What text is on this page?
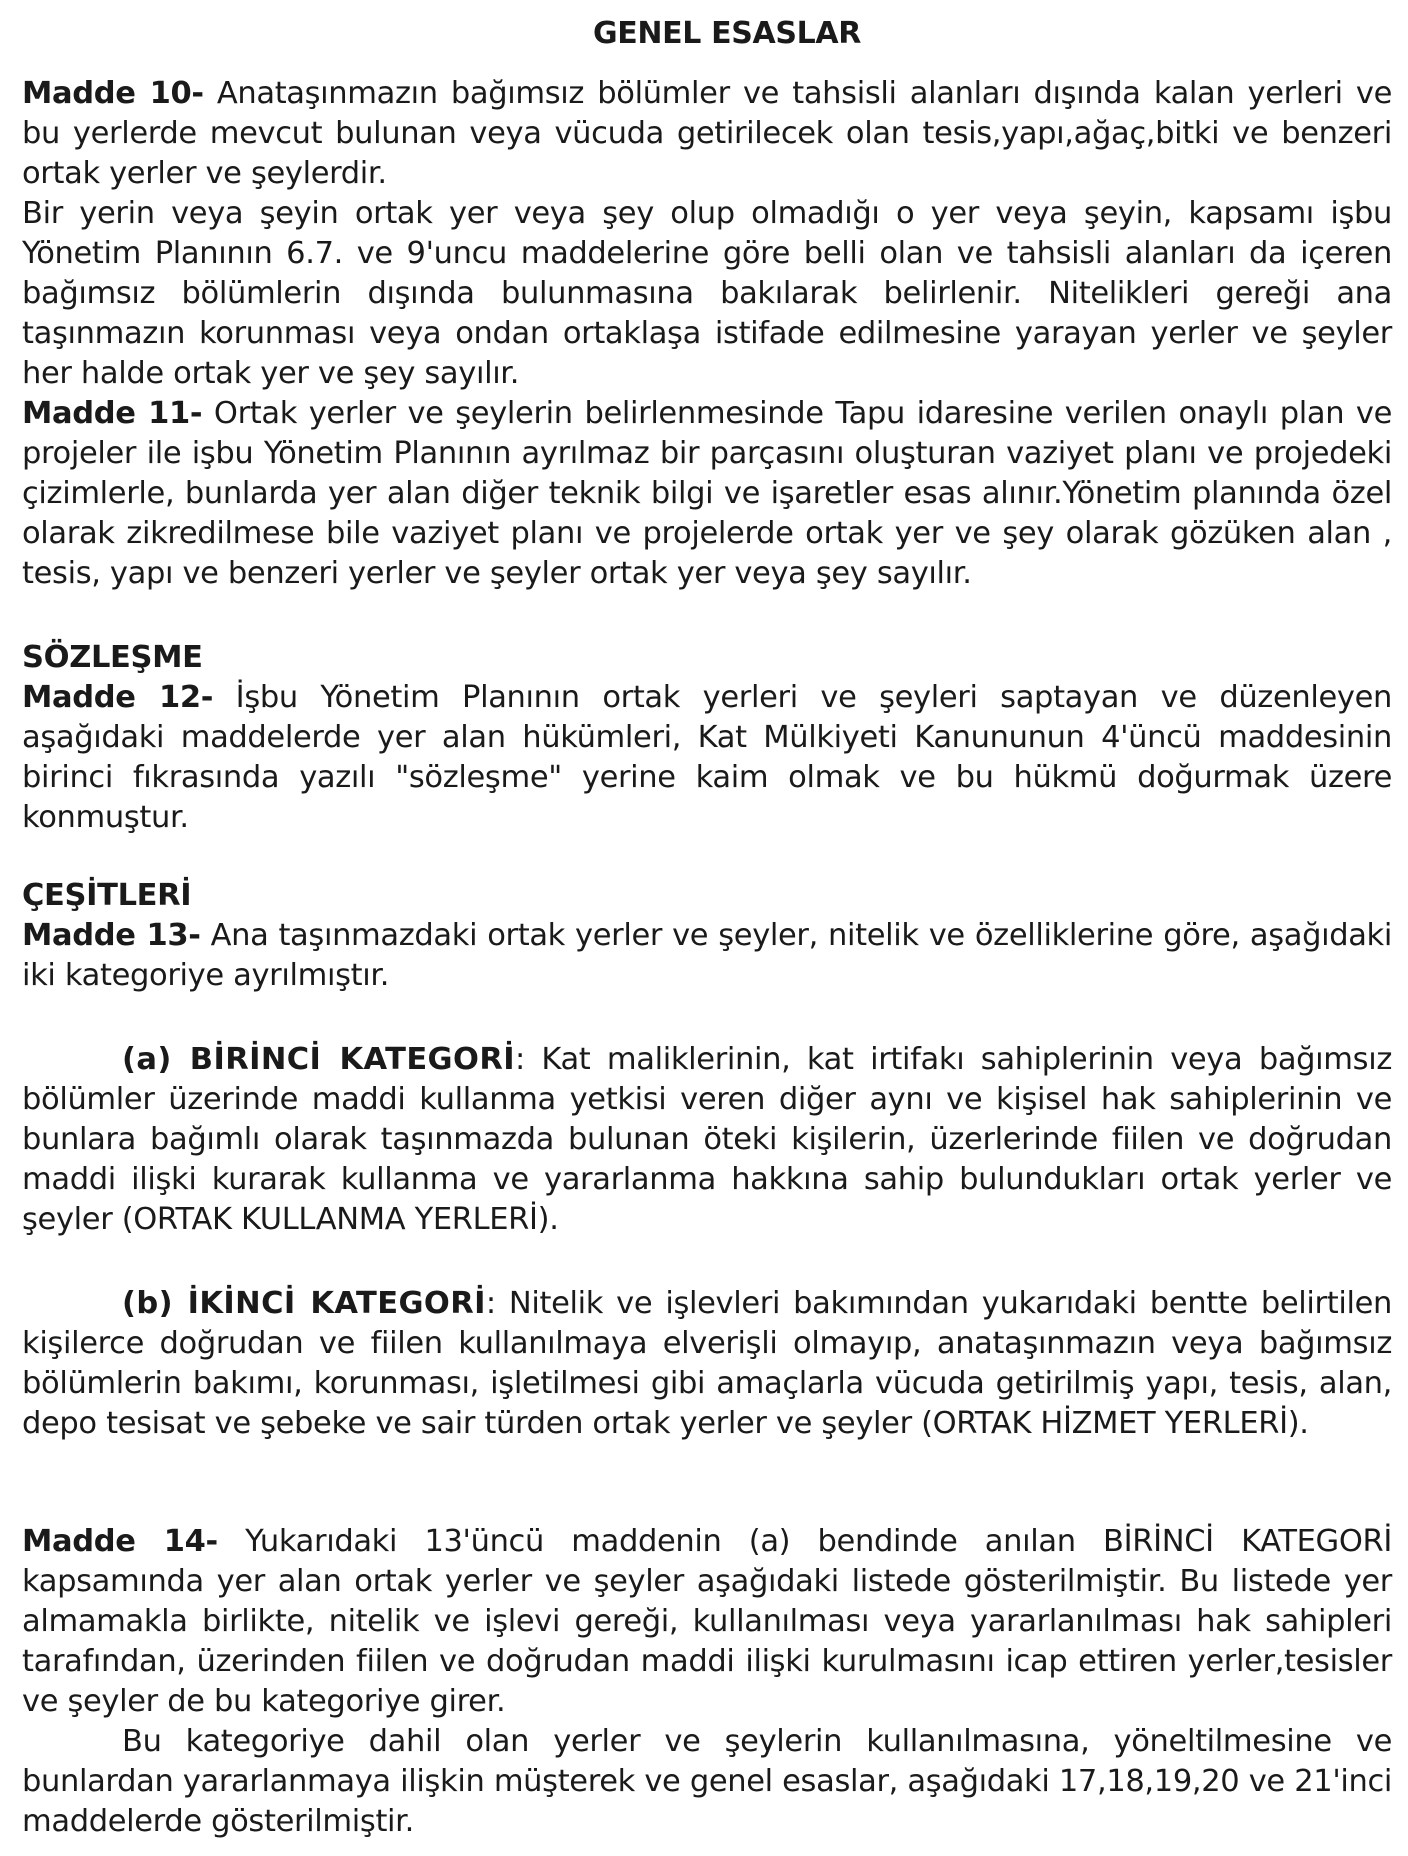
GENEL ESASLAR

Madde 10- Anataşınmazın bağımsız bölümler ve tahsisli alanları dışında kalan yerleri ve bu yerlerde mevcut bulunan veya vücuda getirilecek olan tesis,yapı,ağaç,bitki ve benzeri ortak yerler ve şeylerdir.

Bir yerin veya şeyin ortak yer veya şey olup olmadığı o yer veya şeyin, kapsamı işbu Yönetim Planının 6.7. ve 9'uncu maddelerine göre belli olan ve tahsisli alanları da içeren bağımsız bölümlerin dışında bulunmasına bakılarak belirlenir. Nitelikleri gereği ana taşınmazın korunması veya ondan ortaklaşa istifade edilmesine yarayan yerler ve şeyler her halde ortak yer ve şey sayılır.

Madde 11- Ortak yerler ve şeylerin belirlenmesinde Tapu idaresine verilen onaylı plan ve projeler ile işbu Yönetim Planının ayrılmaz bir parçasını oluşturan vaziyet planı ve projedeki çizimlerle, bunlarda yer alan diğer teknik bilgi ve işaretler esas alınır.Yönetim planında özel olarak zikredilmese bile vaziyet planı ve projelerde ortak yer ve şey olarak gözüken alan , tesis, yapı ve benzeri yerler ve şeyler ortak yer veya şey sayılır.

SÖZLEŞME

Madde 12- İşbu Yönetim Planının ortak yerleri ve şeyleri saptayan ve düzenleyen aşağıdaki maddelerde yer alan hükümleri, Kat Mülkiyeti Kanununun 4'üncü maddesinin birinci fıkrasında yazılı "sözleşme" yerine kaim olmak ve bu hükmü doğurmak üzere konmuştur.

ÇEŞİTLERİ

Madde 13- Ana taşınmazdaki ortak yerler ve şeyler, nitelik ve özelliklerine göre, aşağıdaki iki kategoriye ayrılmıştır.

(a) BİRİNCİ KATEGORİ: Kat maliklerinin, kat irtifakı sahiplerinin veya bağımsız bölümler üzerinde maddi kullanma yetkisi veren diğer aynı ve kişisel hak sahiplerinin ve bunlara bağımlı olarak taşınmazda bulunan öteki kişilerin, üzerlerinde fiilen ve doğrudan maddi ilişki kurarak kullanma ve yararlanma hakkına sahip bulundukları ortak yerler ve şeyler (ORTAK KULLANMA YERLERİ).

(b) İKİNCİ KATEGORİ: Nitelik ve işlevleri bakımından yukarıdaki bentte belirtilen kişilerce doğrudan ve fiilen kullanılmaya elverişli olmayıp, anataşınmazın veya bağımsız bölümlerin bakımı, korunması, işletilmesi gibi amaçlarla vücuda getirilmiş yapı, tesis, alan, depo tesisat ve şebeke ve sair türden ortak yerler ve şeyler (ORTAK HİZMET YERLERİ).

Madde 14- Yukarıdaki 13'üncü maddenin (a) bendinde anılan BİRİNCİ KATEGORİ kapsamında yer alan ortak yerler ve şeyler aşağıdaki listede gösterilmiştir. Bu listede yer almamakla birlikte, nitelik ve işlevi gereği, kullanılması veya yararlanılması hak sahipleri tarafından, üzerinden fiilen ve doğrudan maddi ilişki kurulmasını icap ettiren yerler,tesisler ve şeyler de bu kategoriye girer.

Bu kategoriye dahil olan yerler ve şeylerin kullanılmasına, yöneltilmesine ve bunlardan yararlanmaya ilişkin müşterek ve genel esaslar, aşağıdaki 17,18,19,20 ve 21'inci maddelerde gösterilmiştir.
